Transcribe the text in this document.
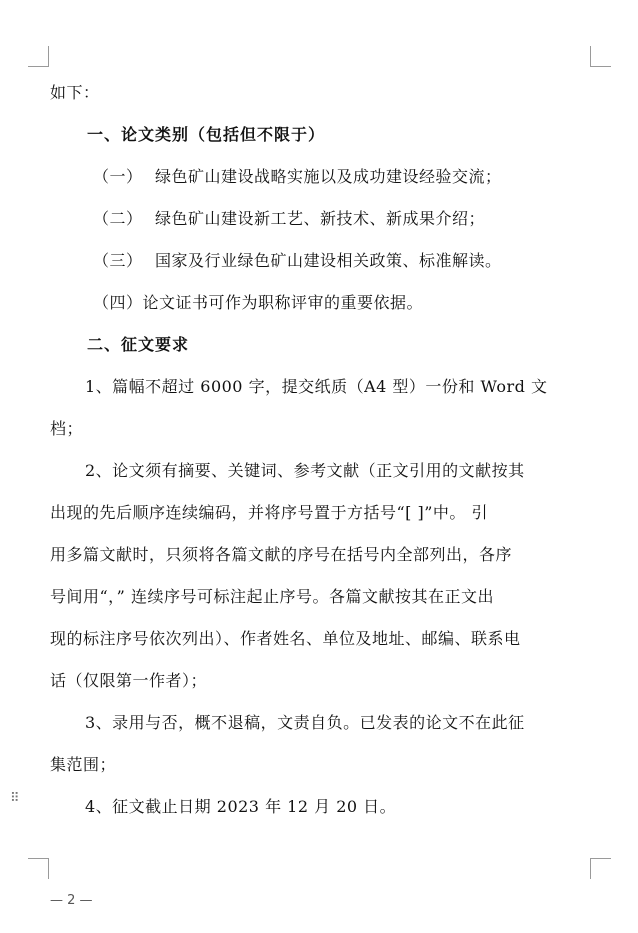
⠿
如下：
一、论文类别（包括但不限于）
（一） 绿色矿山建设战略实施以及成功建设经验交流；
（二） 绿色矿山建设新工艺、新技术、新成果介绍；
（三） 国家及行业绿色矿山建设相关政策、标准解读。
（四）论文证书可作为职称评审的重要依据。
二、征文要求
1、篇幅不超过 6000 字，提交纸质（A4 型）一份和 Word 文
档；
2、论文须有摘要、关键词、参考文献（正文引用的文献按其
出现的先后顺序连续编码，并将序号置于方括号“[ ]”中。 引
用多篇文献时，只须将各篇文献的序号在括号内全部列出，各序
号间用“，” 连续序号可标注起止序号。各篇文献按其在正文出
现的标注序号依次列出）、作者姓名、单位及地址、邮编、联系电
话（仅限第一作者）；
3、录用与否，概不退稿，文责自负。已发表的论文不在此征
集范围；
4、征文截止日期 2023 年 12 月 20 日。
— 2 —
